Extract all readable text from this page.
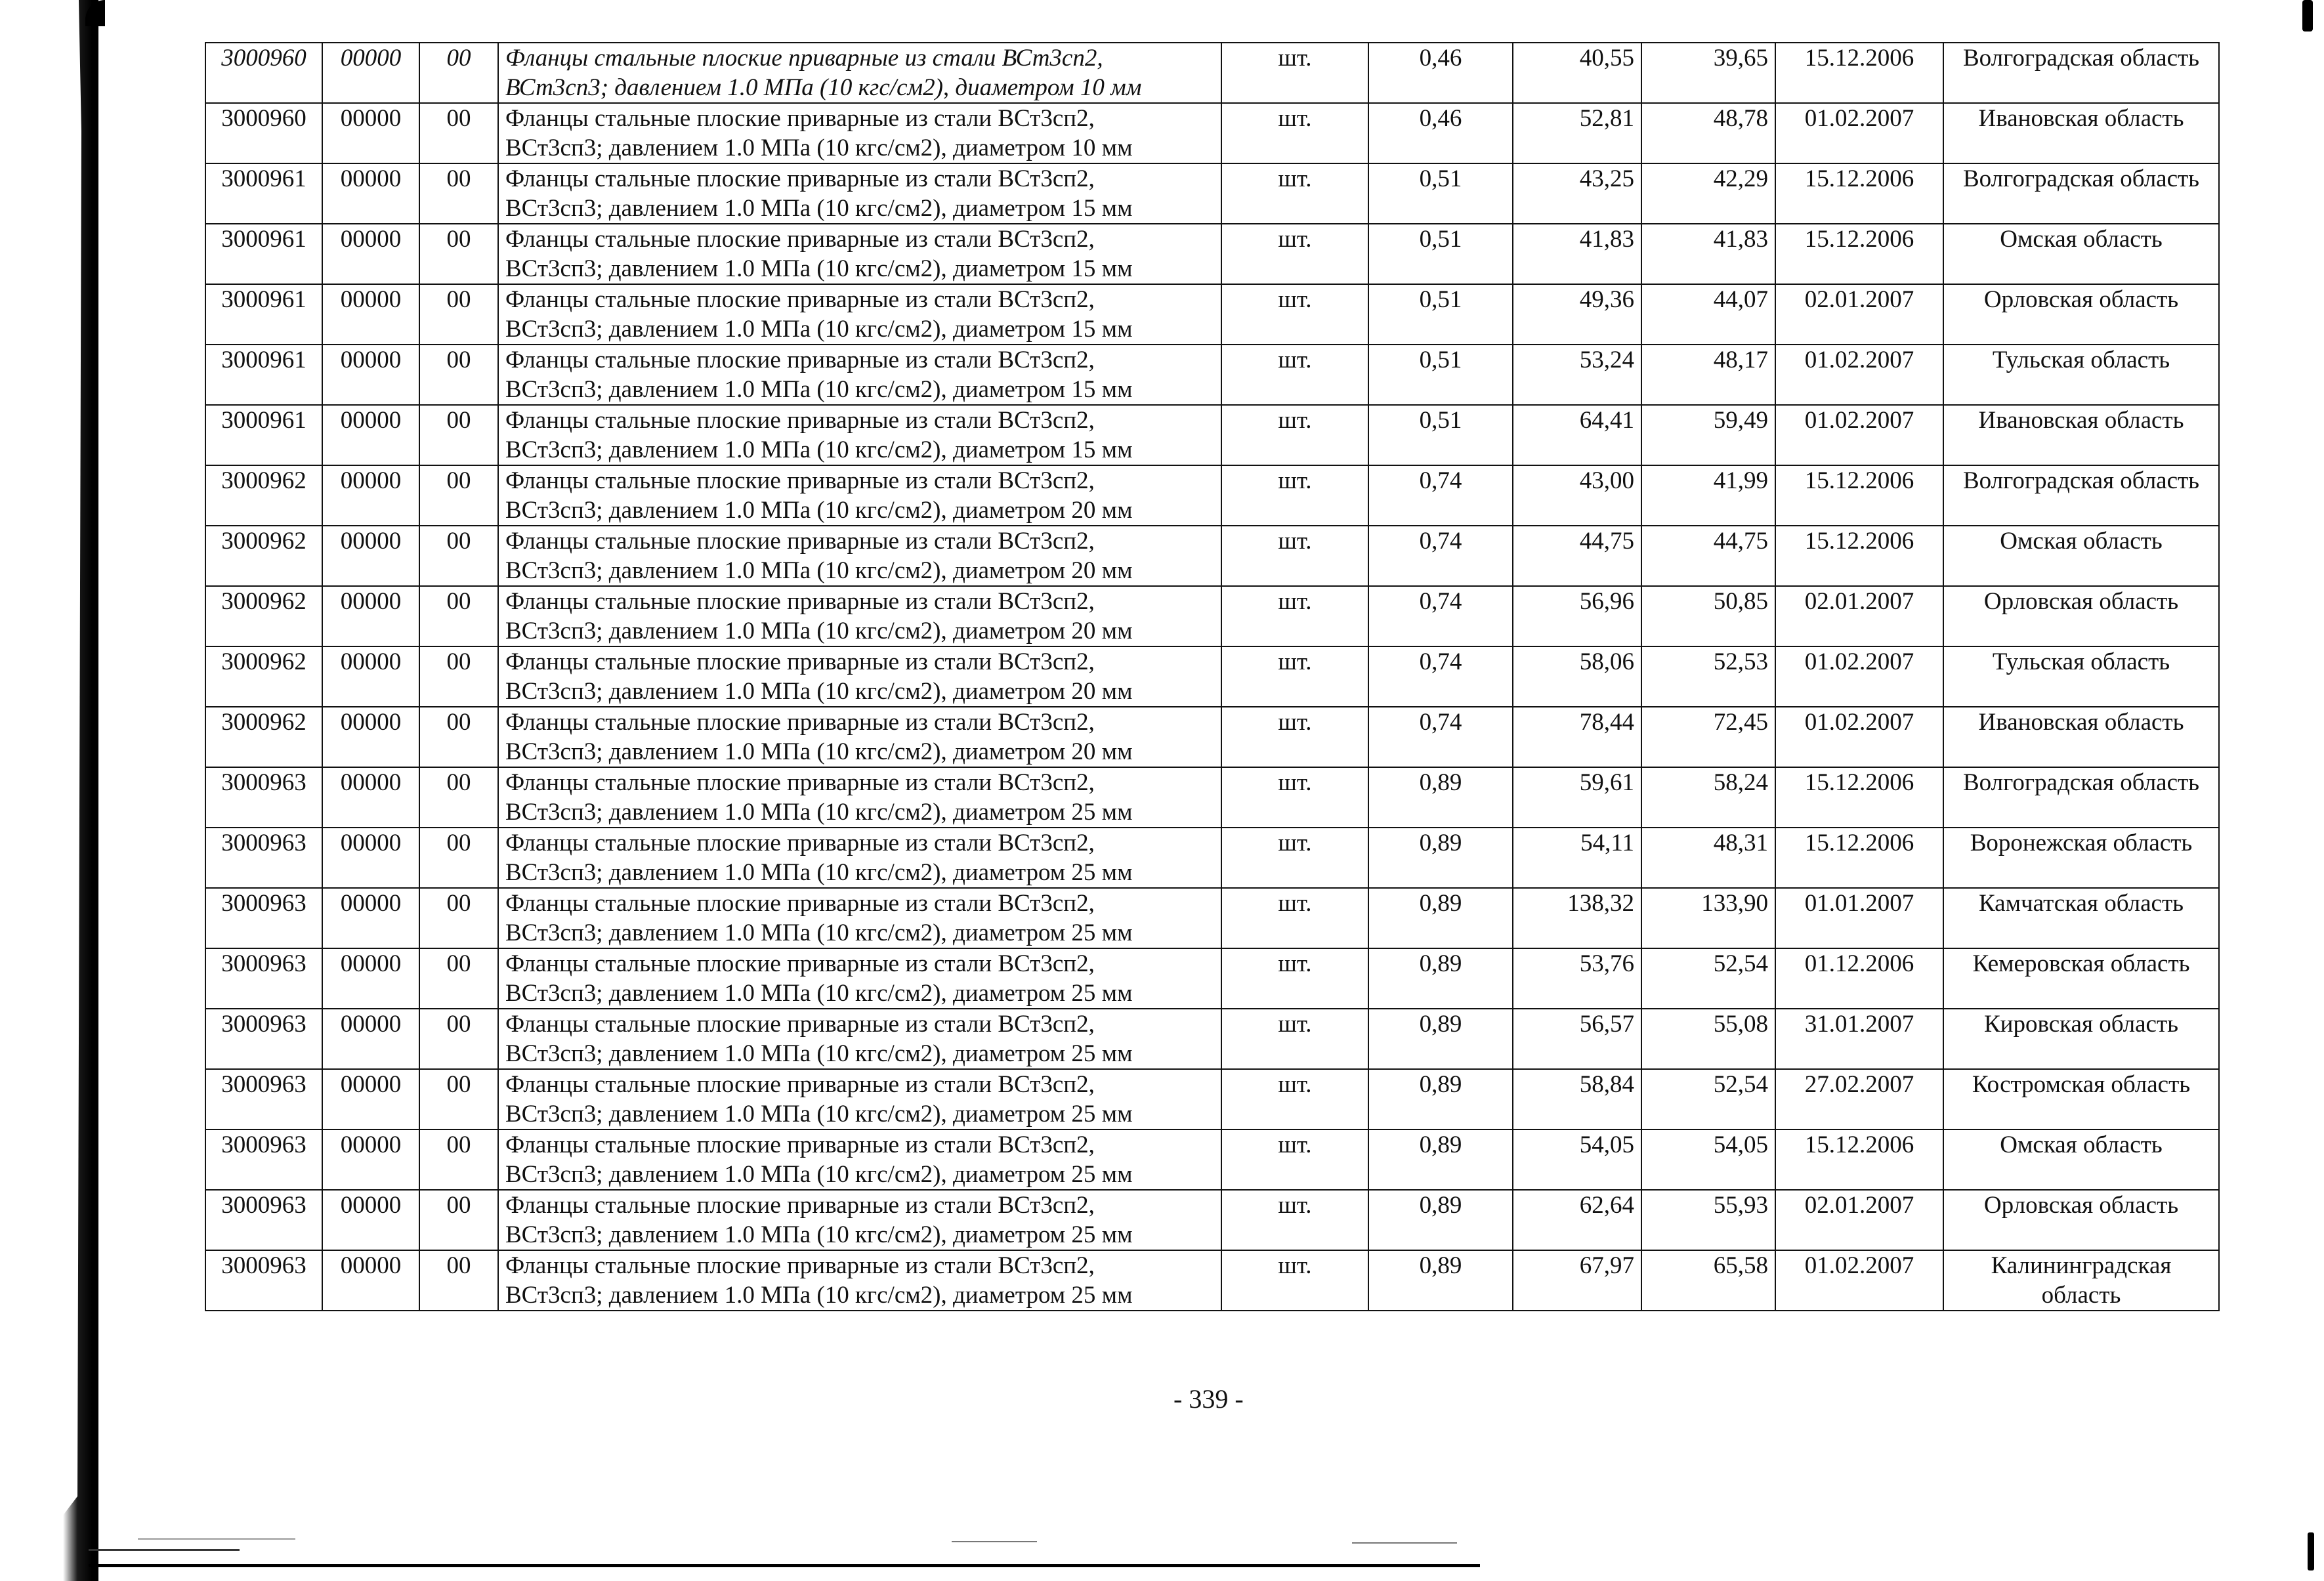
3000960	00000	00	Фланцы стальные плоские приварные из стали ВСт3сп2,
ВСт3сп3; давлением 1.0 МПа (10 кгс/см2), диаметром 10 мм	шт.	0,46	40,55	39,65	15.12.2006	Волгоградская область
3000960	00000	00	Фланцы стальные плоские приварные из стали ВСт3сп2,
ВСт3сп3; давлением 1.0 МПа (10 кгс/см2), диаметром 10 мм	шт.	0,46	52,81	48,78	01.02.2007	Ивановская область
3000961	00000	00	Фланцы стальные плоские приварные из стали ВСт3сп2,
ВСт3сп3; давлением 1.0 МПа (10 кгс/см2), диаметром 15 мм	шт.	0,51	43,25	42,29	15.12.2006	Волгоградская область
3000961	00000	00	Фланцы стальные плоские приварные из стали ВСт3сп2,
ВСт3сп3; давлением 1.0 МПа (10 кгс/см2), диаметром 15 мм	шт.	0,51	41,83	41,83	15.12.2006	Омская область
3000961	00000	00	Фланцы стальные плоские приварные из стали ВСт3сп2,
ВСт3сп3; давлением 1.0 МПа (10 кгс/см2), диаметром 15 мм	шт.	0,51	49,36	44,07	02.01.2007	Орловская область
3000961	00000	00	Фланцы стальные плоские приварные из стали ВСт3сп2,
ВСт3сп3; давлением 1.0 МПа (10 кгс/см2), диаметром 15 мм	шт.	0,51	53,24	48,17	01.02.2007	Тульская область
3000961	00000	00	Фланцы стальные плоские приварные из стали ВСт3сп2,
ВСт3сп3; давлением 1.0 МПа (10 кгс/см2), диаметром 15 мм	шт.	0,51	64,41	59,49	01.02.2007	Ивановская область
3000962	00000	00	Фланцы стальные плоские приварные из стали ВСт3сп2,
ВСт3сп3; давлением 1.0 МПа (10 кгс/см2), диаметром 20 мм	шт.	0,74	43,00	41,99	15.12.2006	Волгоградская область
3000962	00000	00	Фланцы стальные плоские приварные из стали ВСт3сп2,
ВСт3сп3; давлением 1.0 МПа (10 кгс/см2), диаметром 20 мм	шт.	0,74	44,75	44,75	15.12.2006	Омская область
3000962	00000	00	Фланцы стальные плоские приварные из стали ВСт3сп2,
ВСт3сп3; давлением 1.0 МПа (10 кгс/см2), диаметром 20 мм	шт.	0,74	56,96	50,85	02.01.2007	Орловская область
3000962	00000	00	Фланцы стальные плоские приварные из стали ВСт3сп2,
ВСт3сп3; давлением 1.0 МПа (10 кгс/см2), диаметром 20 мм	шт.	0,74	58,06	52,53	01.02.2007	Тульская область
3000962	00000	00	Фланцы стальные плоские приварные из стали ВСт3сп2,
ВСт3сп3; давлением 1.0 МПа (10 кгс/см2), диаметром 20 мм	шт.	0,74	78,44	72,45	01.02.2007	Ивановская область
3000963	00000	00	Фланцы стальные плоские приварные из стали ВСт3сп2,
ВСт3сп3; давлением 1.0 МПа (10 кгс/см2), диаметром 25 мм	шт.	0,89	59,61	58,24	15.12.2006	Волгоградская область
3000963	00000	00	Фланцы стальные плоские приварные из стали ВСт3сп2,
ВСт3сп3; давлением 1.0 МПа (10 кгс/см2), диаметром 25 мм	шт.	0,89	54,11	48,31	15.12.2006	Воронежская область
3000963	00000	00	Фланцы стальные плоские приварные из стали ВСт3сп2,
ВСт3сп3; давлением 1.0 МПа (10 кгс/см2), диаметром 25 мм	шт.	0,89	138,32	133,90	01.01.2007	Камчатская область
3000963	00000	00	Фланцы стальные плоские приварные из стали ВСт3сп2,
ВСт3сп3; давлением 1.0 МПа (10 кгс/см2), диаметром 25 мм	шт.	0,89	53,76	52,54	01.12.2006	Кемеровская область
3000963	00000	00	Фланцы стальные плоские приварные из стали ВСт3сп2,
ВСт3сп3; давлением 1.0 МПа (10 кгс/см2), диаметром 25 мм	шт.	0,89	56,57	55,08	31.01.2007	Кировская область
3000963	00000	00	Фланцы стальные плоские приварные из стали ВСт3сп2,
ВСт3сп3; давлением 1.0 МПа (10 кгс/см2), диаметром 25 мм	шт.	0,89	58,84	52,54	27.02.2007	Костромская область
3000963	00000	00	Фланцы стальные плоские приварные из стали ВСт3сп2,
ВСт3сп3; давлением 1.0 МПа (10 кгс/см2), диаметром 25 мм	шт.	0,89	54,05	54,05	15.12.2006	Омская область
3000963	00000	00	Фланцы стальные плоские приварные из стали ВСт3сп2,
ВСт3сп3; давлением 1.0 МПа (10 кгс/см2), диаметром 25 мм	шт.	0,89	62,64	55,93	02.01.2007	Орловская область
3000963	00000	00	Фланцы стальные плоские приварные из стали ВСт3сп2,
ВСт3сп3; давлением 1.0 МПа (10 кгс/см2), диаметром 25 мм	шт.	0,89	67,97	65,58	01.02.2007	Калининградская область
- 339 -
